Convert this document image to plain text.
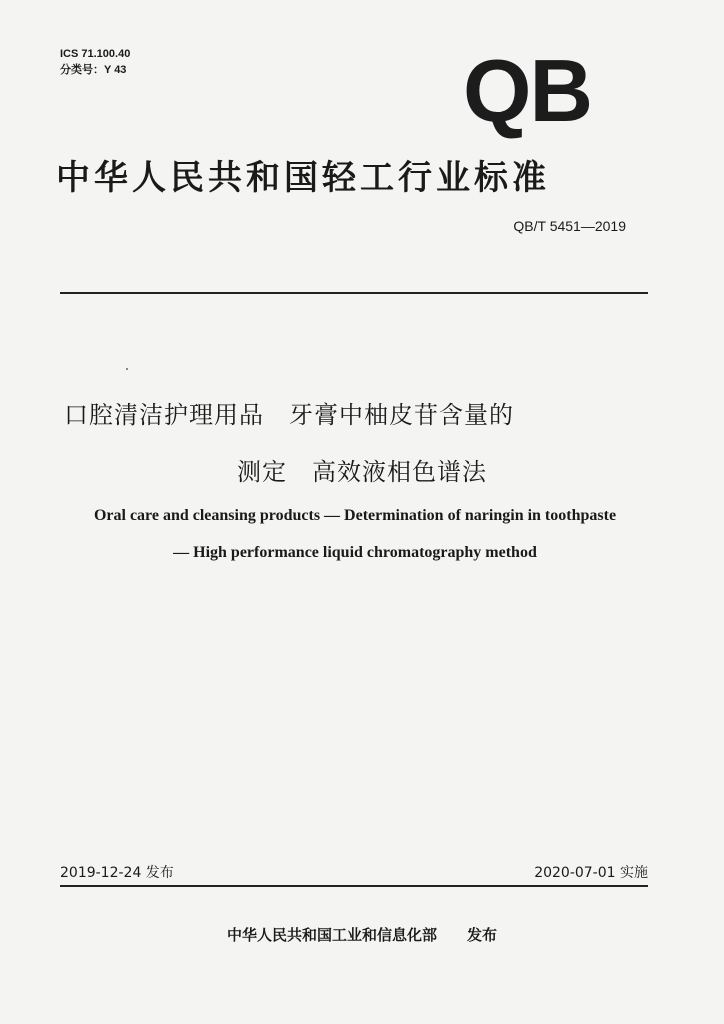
ICS 71.100.40
分类号：Y 43	QB
中华人民共和国轻工行业标准
QB/T 5451—2019
口腔清洁护理用品　牙膏中柚皮苷含量的
测定　高效液相色谱法
Oral care and cleansing products — Determination of naringin in toothpaste
— High performance liquid chromatography method
2019-12-24 发布	2020-07-01 实施
中华人民共和国工业和信息化部　　发布
